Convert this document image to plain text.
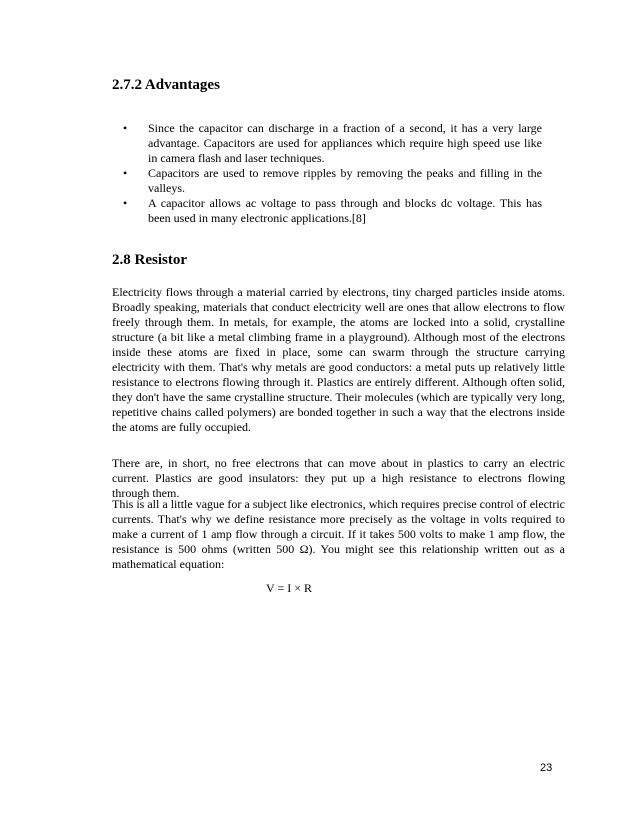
2.7.2 Advantages
• Since the capacitor can discharge in a fraction of a second, it has a very large advantage. Capacitors are used for appliances which require high speed use like in camera flash and laser techniques.
• Capacitors are used to remove ripples by removing the peaks and filling in the valleys.
• A capacitor allows ac voltage to pass through and blocks dc voltage. This has been used in many electronic applications.[8]
2.8 Resistor

Electricity flows through a material carried by electrons, tiny charged particles inside atoms. Broadly speaking, materials that conduct electricity well are ones that allow electrons to flow freely through them. In metals, for example, the atoms are locked into a solid, crystalline structure (a bit like a metal climbing frame in a playground). Although most of the electrons inside these atoms are fixed in place, some can swarm through the structure carrying electricity with them. That's why metals are good conductors: a metal puts up relatively little resistance to electrons flowing through it. Plastics are entirely different. Although often solid, they don't have the same crystalline structure. Their molecules (which are typically very long, repetitive chains called polymers) are bonded together in such a way that the electrons inside the atoms are fully occupied.

There are, in short, no free electrons that can move about in plastics to carry an electric current. Plastics are good insulators: they put up a high resistance to electrons flowing through them.

This is all a little vague for a subject like electronics, which requires precise control of electric currents. That's why we define resistance more precisely as the voltage in volts required to make a current of 1 amp flow through a circuit. If it takes 500 volts to make 1 amp flow, the resistance is 500 ohms (written 500 Ω). You might see this relationship written out as a mathematical equation:

V = I × R
23
